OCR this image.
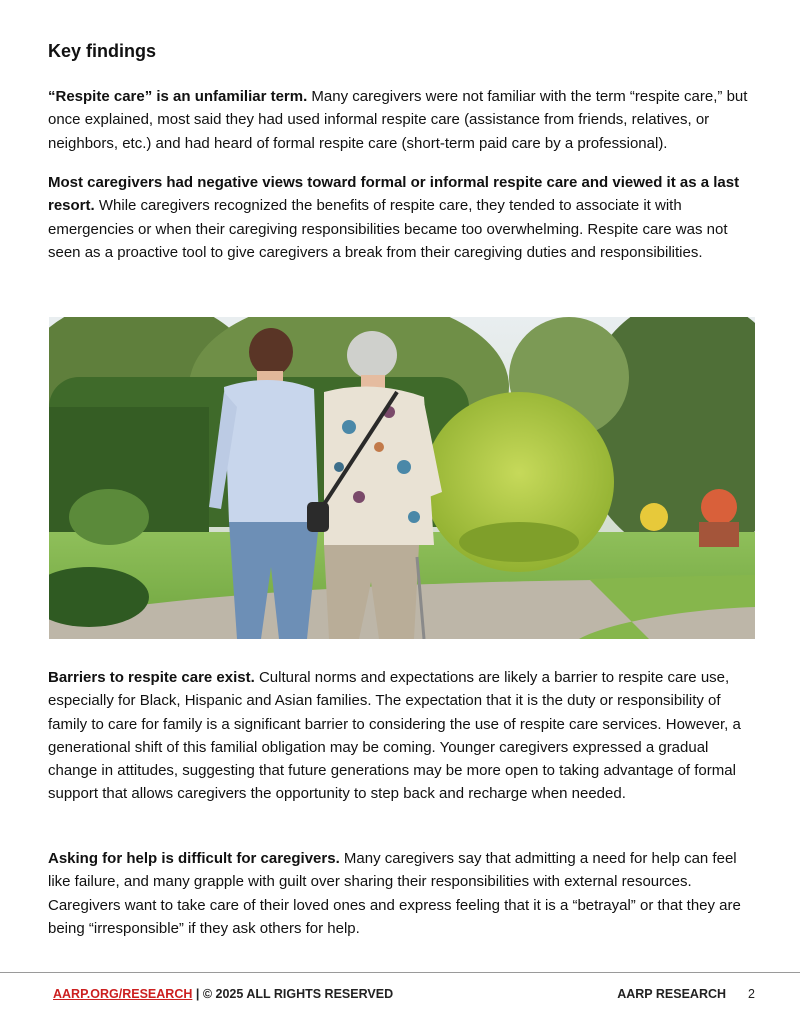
Key findings

“Respite care” is an unfamiliar term. Many caregivers were not familiar with the term “respite care,” but once explained, most said they had used informal respite care (assistance from friends, relatives, or neighbors, etc.) and had heard of formal respite care (short-term paid care by a professional).

Most caregivers had negative views toward formal or informal respite care and viewed it as a last resort. While caregivers recognized the benefits of respite care, they tended to associate it with emergencies or when their caregiving responsibilities became too overwhelming. Respite care was not seen as a proactive tool to give caregivers a break from their caregiving duties and responsibilities.

Barriers to respite care exist. Cultural norms and expectations are likely a barrier to respite care use, especially for Black, Hispanic and Asian families. The expectation that it is the duty or responsibility of family to care for family is a significant barrier to considering the use of respite care services. However, a generational shift of this familial obligation may be coming. Younger caregivers expressed a gradual change in attitudes, suggesting that future generations may be more open to taking advantage of formal support that allows caregivers the opportunity to step back and recharge when needed.

Asking for help is difficult for caregivers. Many caregivers say that admitting a need for help can feel like failure, and many grapple with guilt over sharing their responsibilities with external resources. Caregivers want to take care of their loved ones and express feeling that it is a “betrayal” or that they are being “irresponsible” if they ask others for help.

AARP.ORG/RESEARCH | © 2025 ALL RIGHTS RESERVED	AARP RESEARCH 2
